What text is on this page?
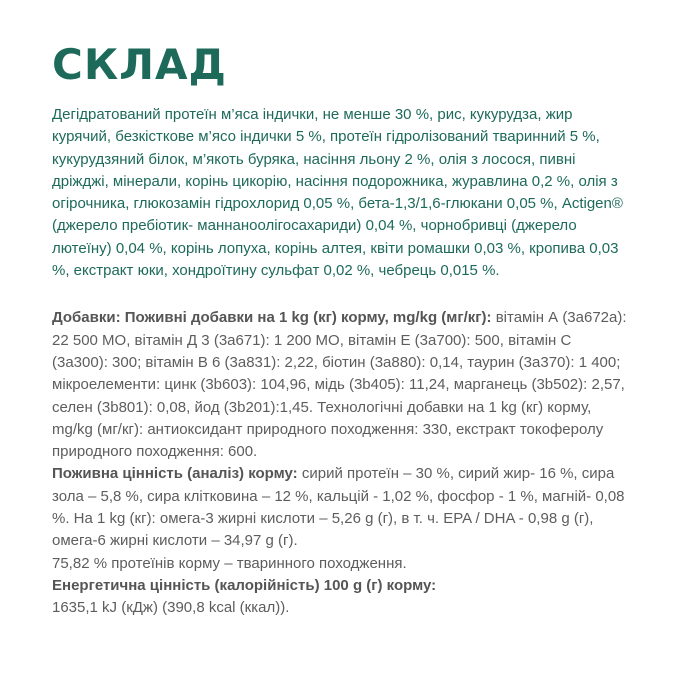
СКЛАД

Дегідратований протеїн м’яса індички, не менше 30 %, рис, кукурудза, жир курячий, безкісткове м’ясо індички 5 %, протеїн гідролізований тваринний 5 %, кукурудзяний білок, м’якоть буряка, насіння льону 2 %, олія з лосося, пивні дріжджі, мінерали, корінь цикорію, насіння подорожника, журавлина 0,2 %, олія з огірочника, глюкозамін гідрохлорид 0,05 %, бета-1,3/1,6-глюкани 0,05 %, Actigen® (джерело пребіотик- маннаноолігосахариди) 0,04 %, чорнобривці (джерело лютеїну) 0,04 %, корінь лопуха, корінь алтея, квіти ромашки 0,03 %, кропива 0,03 %, екстракт юки, хондроїтину сульфат 0,02 %, чебрець 0,015 %.

Добавки: Поживні добавки на 1 kg (кг) корму, mg/kg (мг/кг): вітамін А (3а672а): 22 500 МО, вітамін Д 3 (3а671): 1 200 МО, вітамін Е (3а700): 500, вітамін С (3а300): 300; вітамін В 6 (3а831): 2,22, біотин (3а880): 0,14, таурин (3а370): 1 400; мікроелементи: цинк (3b603): 104,96, мідь (3b405): 11,24, марганець (3b502): 2,57, селен (3b801): 0,08, йод (3b201):1,45. Технологічні добавки на 1 kg (кг) корму, mg/kg (мг/кг): антиоксидант природного походження: 330, екстракт токоферолу природного походження: 600.

Поживна цінність (аналіз) корму: сирий протеїн – 30 %, сирий жир- 16 %, сира зола – 5,8 %, сира клітковина – 12 %, кальцій - 1,02 %, фосфор - 1 %, магній- 0,08 %. На 1 kg (кг): омега-3 жирні кислоти – 5,26 g (г), в т. ч. EPA / DHA - 0,98 g (г), омега-6 жирні кислоти – 34,97 g (г).

75,82 % протеїнів корму – тваринного походження.

Енергетична цінність (калорійність) 100 g (г) корму:

1635,1 kJ (кДж) (390,8 kcal (ккал)).
